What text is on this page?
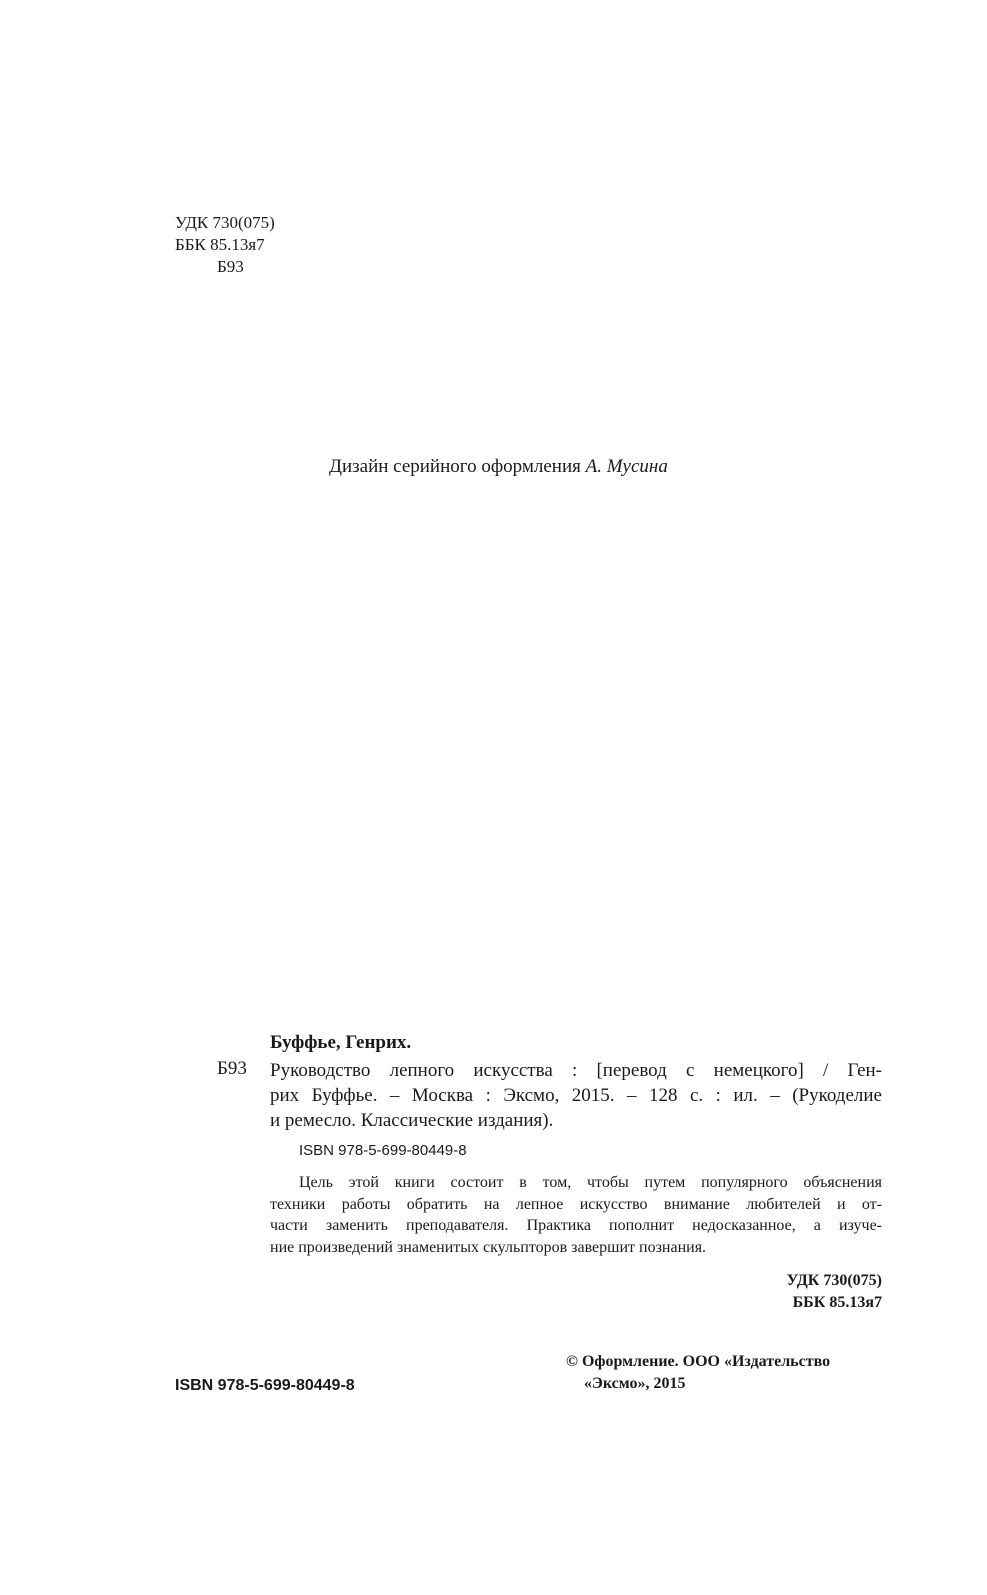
УДК 730(075)
ББК 85.13я7
Б93
Дизайн серийного оформления А. Мусина
Буффье, Генрих.
Б93 Руководство лепного искусства : [перевод с немецкого] / Ген-
рих Буффье. – Москва : Эксмо, 2015. – 128 с. : ил. – (Рукоделие
и ремесло. Классические издания).
ISBN 978-5-699-80449-8
Цель этой книги состоит в том, чтобы путем популярного объяснения
техники работы обратить на лепное искусство внимание любителей и от-
части заменить преподавателя. Практика пополнит недосказанное, а изуче-
ние произведений знаменитых скульпторов завершит познания.
УДК 730(075)
ББК 85.13я7
© Оформление. ООО «Издательство
«Эксмо», 2015
ISBN 978-5-699-80449-8
